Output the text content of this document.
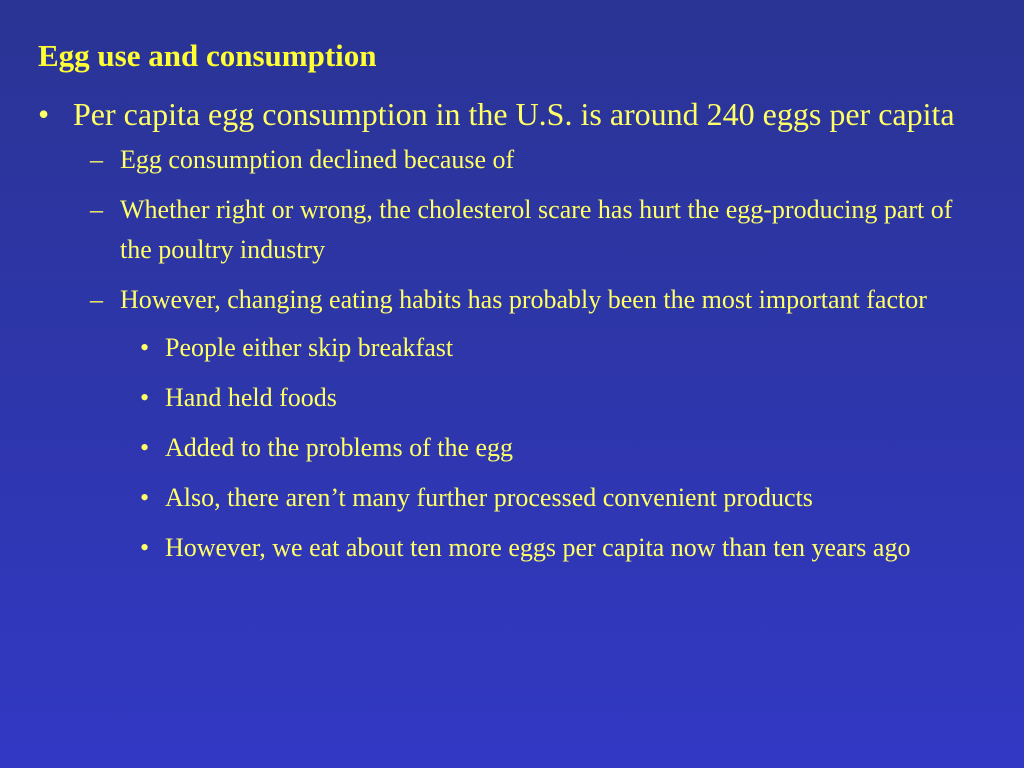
Egg use and consumption

• Per capita egg consumption in the U.S. is around 240 eggs per capita

– Egg consumption declined because of

– Whether right or wrong, the cholesterol scare has hurt the egg-producing part of the poultry industry

– However, changing eating habits has probably been the most important factor

• People either skip breakfast

• Hand held foods

• Added to the problems of the egg

• Also, there aren’t many further processed convenient products

• However, we eat about ten more eggs per capita now than ten years ago
